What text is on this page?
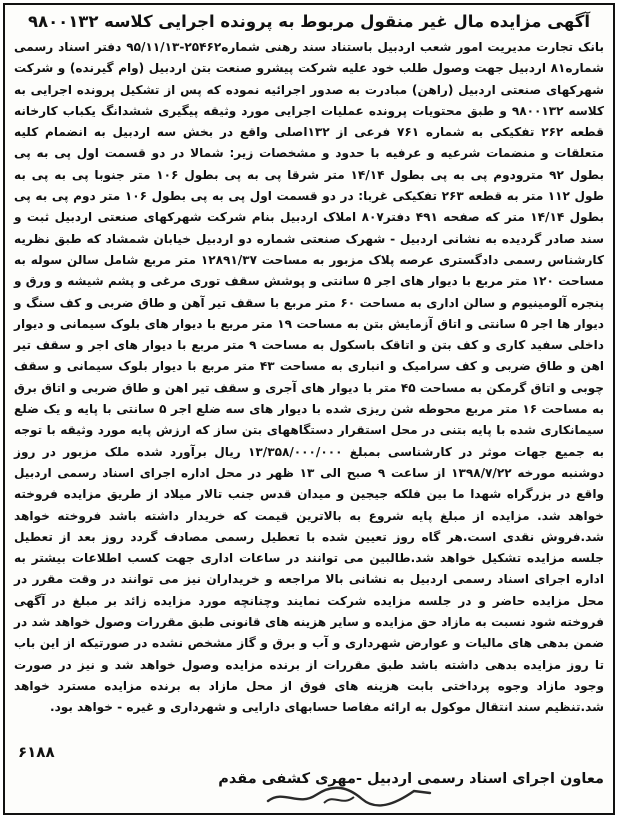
آگهی مزایده مال غیر منقول مربوط به پرونده اجرایی کلاسه ۹۸۰۰۱۳۲
بانک تجارت مدیریت امور شعب اردبیل باستناد سند رهنی شماره۲۵۴۶۲-۹۵/۱۱/۱۳ دفتر اسناد رسمی شماره۸۱ اردبیل جهت وصول طلب خود علیه شرکت پیشرو صنعت بتن اردبیل (وام گیرنده) و شرکت شهرکهای صنعتی اردبیل (راهن) مبادرت به صدور اجرائیه نموده که پس از تشکیل پرونده اجرایی به کلاسه ۹۸۰۰۱۳۲ و طبق محتویات پرونده عملیات اجرایی مورد وثیقه پیگیری ششدانگ یکباب کارخانه قطعه ۲۶۲ تفکیکی به شماره ۷۶۱ فرعی از ۱۳۲اصلی واقع در بخش سه اردبیل به انضمام کلیه متعلقات و منضمات شرعیه و عرفیه با حدود و مشخصات زیر: شمالا در دو قسمت اول پی به پی بطول ۹۲ مترودوم پی به پی بطول ۱۴/۱۴ متر شرقا پی به پی بطول ۱۰۶ متر جنوبا پی به پی به طول ۱۱۲ متر به قطعه ۲۶۳ تفکیکی غربا: در دو قسمت اول پی به پی بطول ۱۰۶ متر دوم پی به پی بطول ۱۴/۱۴ متر که صفحه ۴۹۱ دفتر۸۰۷ املاک اردبیل بنام شرکت شهرکهای صنعتی اردبیل ثبت و سند صادر گردیده به نشانی اردبیل - شهرک صنعتی شماره دو اردبیل خیابان شمشاد که طبق نظریه کارشناس رسمی دادگستری عرصه پلاک مزبور به مساحت ۱۲۸۹۱/۳۷ متر مربع شامل سالن سوله به مساحت ۱۲۰ متر مربع با دیوار های اجر ۵ سانتی و پوشش سقف توری مرغی و پشم شیشه و ورق و پنجره آلومینیوم و سالن اداری به مساحت ۶۰ متر مربع با سقف تیر آهن و طاق ضربی و کف سنگ و دیوار ها اجر ۵ سانتی و اتاق آزمایش بتن به مساحت ۱۹ متر مربع با دیوار های بلوک سیمانی و دیوار داخلی سفید کاری و کف بتن و اتاقک باسکول به مساحت ۹ متر مربع با دیوار های اجر و سقف تیر اهن و طاق ضربی و کف سرامیک و انباری به مساحت ۴۳ متر مربع با دیوار بلوک سیمانی و سقف چوبی و اتاق گرمکن به مساحت ۴۵ متر با دیوار های آجری و سقف تیر اهن و طاق ضربی و اتاق برق به مساحت ۱۶ متر مربع محوطه شن ریزی شده با دیوار های سه ضلع اجر ۵ سانتی با پایه و یک ضلع سیمانکاری شده با پایه بتنی در محل استقرار دستگاههای بتن ساز که ارزش پایه مورد وثیقه با توجه به جمیع جهات موثر در کارشناسی بمبلغ ۱۳/۳۵۸/۰۰۰/۰۰۰ ریال برآورد شده ملک مزبور در روز دوشنبه مورخه ۱۳۹۸/۷/۲۲ از ساعت ۹ صبح الی ۱۳ ظهر در محل اداره اجرای اسناد رسمی اردبیل واقع در بزرگراه شهدا ما بین فلکه جیجین و میدان قدس جنب تالار میلاد از طریق مزایده فروخته خواهد شد. مزایده از مبلغ پایه شروع به بالاترین قیمت که خریدار داشته باشد فروخته خواهد شد.فروش نقدی است.هر گاه روز تعیین شده با تعطیل رسمی مصادف گردد روز بعد از تعطیل جلسه مزایده تشکیل خواهد شد.طالبین می توانند در ساعات اداری جهت کسب اطلاعات بیشتر به اداره اجرای اسناد رسمی اردبیل به نشانی بالا مراجعه و خریداران نیز می توانند در وقت مقرر در محل مزایده حاضر و در جلسه مزایده شرکت نمایند وچنانچه مورد مزایده زائد بر مبلغ در آگهی فروخته شود نسبت به مازاد حق مزایده و سایر هزینه های قانونی طبق مقررات وصول خواهد شد در ضمن بدهی های مالیات و عوارض شهرداری و آب و برق و گاز مشخص نشده در صورتیکه از این باب تا روز مزایده بدهی داشته باشد طبق مقررات از برنده مزایده وصول خواهد شد و نیز در صورت وجود مازاد وجوه پرداختی بابت هزینه های فوق از محل مازاد به برنده مزایده مسترد خواهد شد.تنظیم سند انتقال موکول به ارائه مفاصا حسابهای دارایی و شهرداری و غیره - خواهد بود.
۶۱۸۸
معاون اجرای اسناد رسمی اردبیل -مهری کشفی مقدم
